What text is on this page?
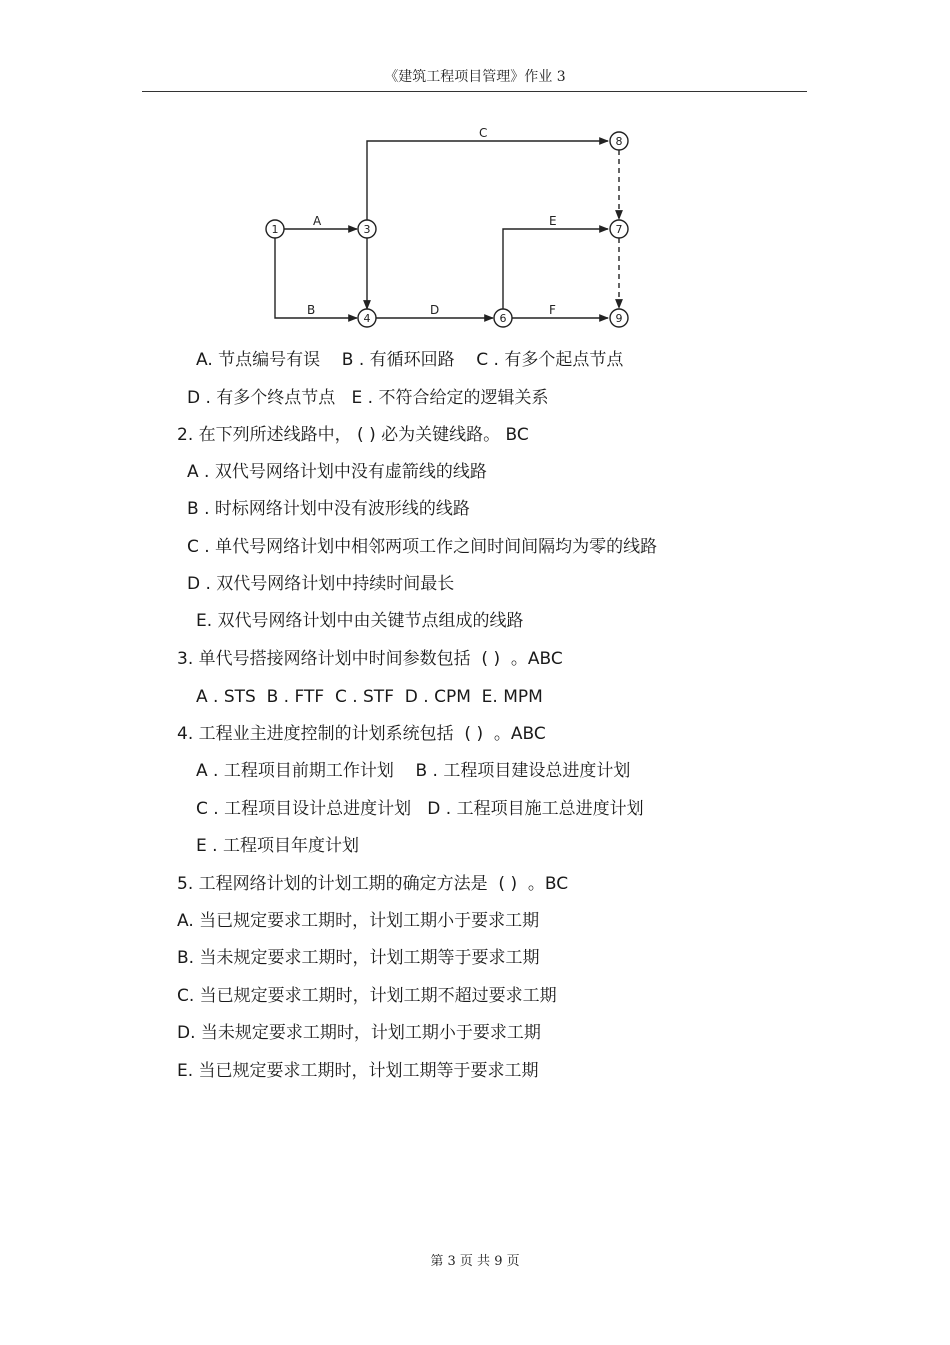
《建筑工程项目管理》作业 3
A
B
C
D
E
F
1	3
4	6
7
8
9
A. 节点编号有误    B . 有循环回路    C . 有多个起点节点
D . 有多个终点节点   E . 不符合给定的逻辑关系
2. 在下列所述线路中， ( ) 必为关键线路。 BC
A . 双代号网络计划中没有虚箭线的线路
B . 时标网络计划中没有波形线的线路
C . 单代号网络计划中相邻两项工作之间时间间隔均为零的线路
D . 双代号网络计划中持续时间最长
E. 双代号网络计划中由关键节点组成的线路
3. 单代号搭接网络计划中时间参数包括  ( )  。ABC
A . STS  B . FTF  C . STF  D . CPM  E. MPM
4. 工程业主进度控制的计划系统包括  ( )  。ABC
A . 工程项目前期工作计划    B . 工程项目建设总进度计划
C . 工程项目设计总进度计划   D . 工程项目施工总进度计划
E . 工程项目年度计划
5. 工程网络计划的计划工期的确定方法是  ( )  。BC
A. 当已规定要求工期时，计划工期小于要求工期
B. 当未规定要求工期时，计划工期等于要求工期
C. 当已规定要求工期时，计划工期不超过要求工期
D. 当未规定要求工期时，计划工期小于要求工期
E. 当已规定要求工期时，计划工期等于要求工期
第 3 页 共 9 页
